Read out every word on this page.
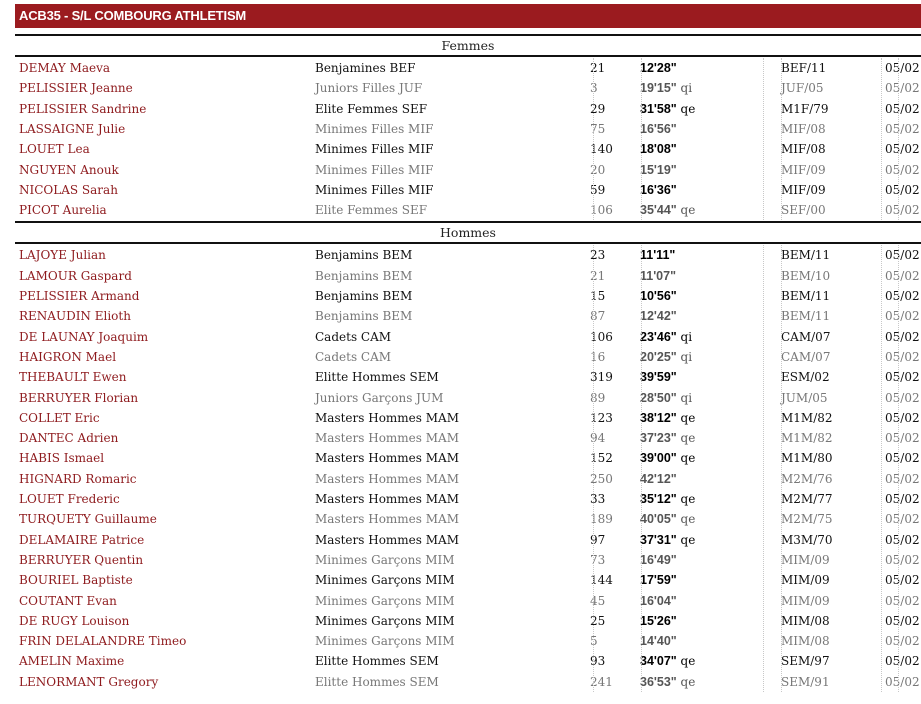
ACB35 - S/L COMBOURG ATHLETISM
Femmes
DEMAY Maeva	Benjamines BEF	21	12'28"	BEF/11	05/02
PELISSIER Jeanne	Juniors Filles JUF	3	19'15" qi	JUF/05	05/02
PELISSIER Sandrine	Elite Femmes SEF	29	31'58" qe	M1F/79	05/02
LASSAIGNE Julie	Minimes Filles MIF	75	16'56"	MIF/08	05/02
LOUET Lea	Minimes Filles MIF	140 18'08"	MIF/08	05/02
NGUYEN Anouk	Minimes Filles MIF	20	15'19"	MIF/09	05/02
NICOLAS Sarah	Minimes Filles MIF	59	16'36"	MIF/09	05/02
PICOT Aurelia	Elite Femmes SEF	106 35'44" qe	SEF/00	05/02
Hommes
LAJOYE Julian	Benjamins BEM	23	11'11"	BEM/11	05/02
LAMOUR Gaspard	Benjamins BEM	21	11'07"	BEM/10	05/02
PELISSIER Armand	Benjamins BEM	15	10'56"	BEM/11	05/02
RENAUDIN Elioth	Benjamins BEM	87	12'42"	BEM/11	05/02
DE LAUNAY Joaquim	Cadets CAM	106 23'46" qi	CAM/07	05/02
HAIGRON Mael	Cadets CAM	16	20'25" qi	CAM/07	05/02
THEBAULT Ewen	Elitte Hommes SEM	319 39'59"	ESM/02	05/02
BERRUYER Florian	Juniors Garçons JUM	89	28'50" qi	JUM/05	05/02
COLLET Eric	Masters Hommes MAM	123 38'12" qe	M1M/82	05/02
DANTEC Adrien	Masters Hommes MAM	94	37'23" qe	M1M/82	05/02
HABIS Ismael	Masters Hommes MAM	152 39'00" qe	M1M/80	05/02
HIGNARD Romaric	Masters Hommes MAM	250 42'12"	M2M/76	05/02
LOUET Frederic	Masters Hommes MAM	33	35'12" qe	M2M/77	05/02
TURQUETY Guillaume	Masters Hommes MAM	189 40'05" qe	M2M/75	05/02
DELAMAIRE Patrice	Masters Hommes MAM	97	37'31" qe	M3M/70	05/02
BERRUYER Quentin	Minimes Garçons MIM	73	16'49"	MIM/09	05/02
BOURIEL Baptiste	Minimes Garçons MIM	144 17'59"	MIM/09	05/02
COUTANT Evan	Minimes Garçons MIM	45	16'04"	MIM/09	05/02
DE RUGY Louison	Minimes Garçons MIM	25	15'26"	MIM/08	05/02
FRIN DELALANDRE Timeo	Minimes Garçons MIM	5	14'40"	MIM/08	05/02
AMELIN Maxime	Elitte Hommes SEM	93	34'07" qe	SEM/97	05/02
LENORMANT Gregory	Elitte Hommes SEM	241 36'53" qe	SEM/91	05/02
